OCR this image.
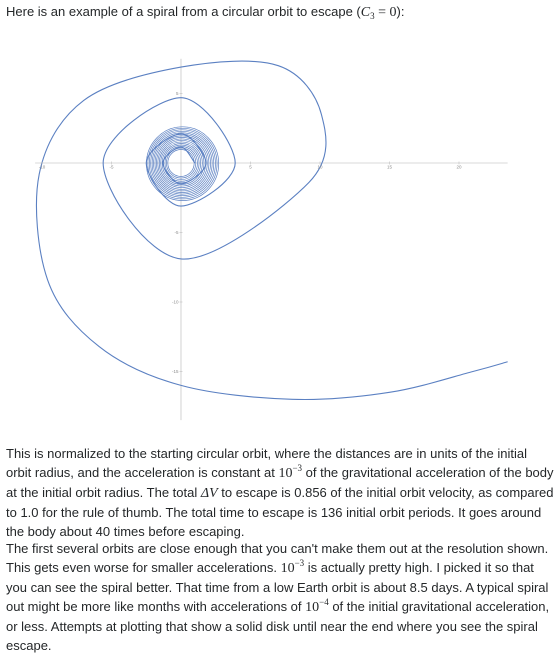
Here is an example of a spiral from a circular orbit to escape $(C_3 = 0)$:
-10	-5	5	10	15	20
5
-5
-10
-15

This is normalized to the starting circular orbit, where the distances are in units of the initial orbit radius, and the acceleration is constant at $10^{-3}$ of the gravitational acceleration of the body at the initial orbit radius. The total ΔV to escape is 0.856 of the initial orbit velocity, as compared to 1.0 for the rule of thumb. The total time to escape is 136 initial orbit periods. It goes around the body about 40 times before escaping.

The first several orbits are close enough that you can't make them out at the resolution shown. This gets even worse for smaller accelerations. $10^{-3}$ is actually pretty high. I picked it so that you can see the spiral better. That time from a low Earth orbit is about 8.5 days. A typical spiral out might be more like months with accelerations of $10^{-4}$ of the initial gravitational acceleration, or less. Attempts at plotting that show a solid disk until near the end where you see the spiral escape.
